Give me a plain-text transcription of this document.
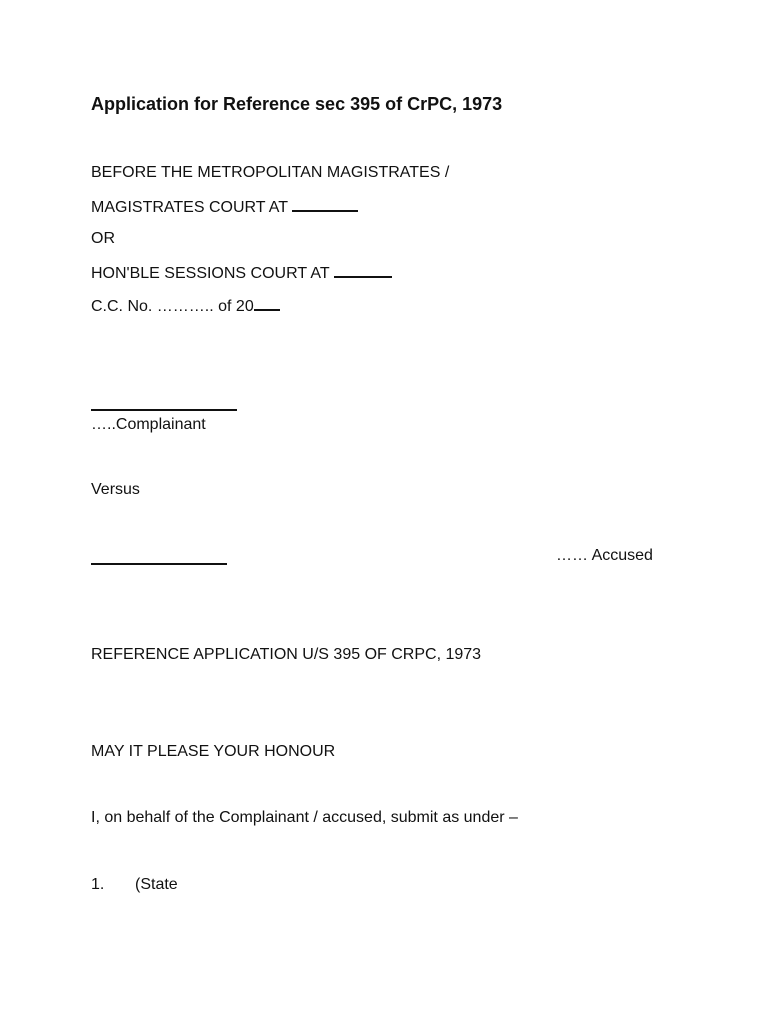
Application for Reference sec 395 of CrPC, 1973
BEFORE THE METROPOLITAN MAGISTRATES /
MAGISTRATES COURT AT
OR
HON'BLE SESSIONS COURT AT
C.C. No. ……….. of 20
…..Complainant
Versus
…… Accused
REFERENCE APPLICATION U/S 395 OF CRPC, 1973
MAY IT PLEASE YOUR HONOUR
I, on behalf of the Complainant / accused, submit as under –
1. (State
